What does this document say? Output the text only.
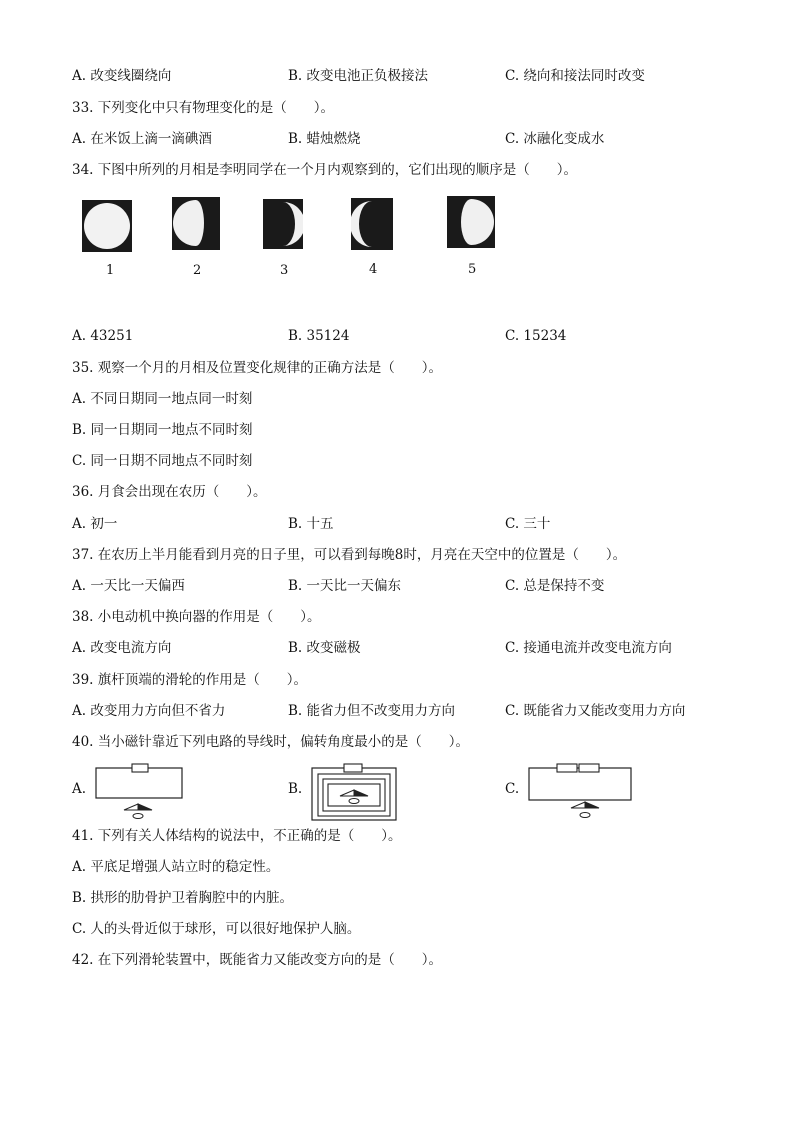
A. 改变线圈绕向	B. 改变电池正负极接法	C. 绕向和接法同时改变
33. 下列变化中只有物理变化的是（　　）。
A. 在米饭上滴一滴碘酒	B. 蜡烛燃烧	C. 冰融化变成水
34. 下图中所列的月相是李明同学在一个月内观察到的，它们出现的顺序是（　　）。
1	2	3	4	5
A. 43251	B. 35124	C. 15234
35. 观察一个月的月相及位置变化规律的正确方法是（　　）。
A. 不同日期同一地点同一时刻
B. 同一日期同一地点不同时刻
C. 同一日期不同地点不同时刻
36. 月食会出现在农历（　　）。
A. 初一	B. 十五	C. 三十
37. 在农历上半月能看到月亮的日子里，可以看到每晚8时，月亮在天空中的位置是（　　）。
A. 一天比一天偏西	B. 一天比一天偏东	C. 总是保持不变
38. 小电动机中换向器的作用是（　　）。
A. 改变电流方向	B. 改变磁极	C. 接通电流并改变电流方向
39. 旗杆顶端的滑轮的作用是（　　）。
A. 改变用力方向但不省力	B. 能省力但不改变用力方向	C. 既能省力又能改变用力方向
40. 当小磁针靠近下列电路的导线时，偏转角度最小的是（　　）。
A.	B.	C.
41. 下列有关人体结构的说法中，不正确的是（　　）。
A. 平底足增强人站立时的稳定性。
B. 拱形的肋骨护卫着胸腔中的内脏。
C. 人的头骨近似于球形，可以很好地保护人脑。
42. 在下列滑轮装置中，既能省力又能改变方向的是（　　）。
